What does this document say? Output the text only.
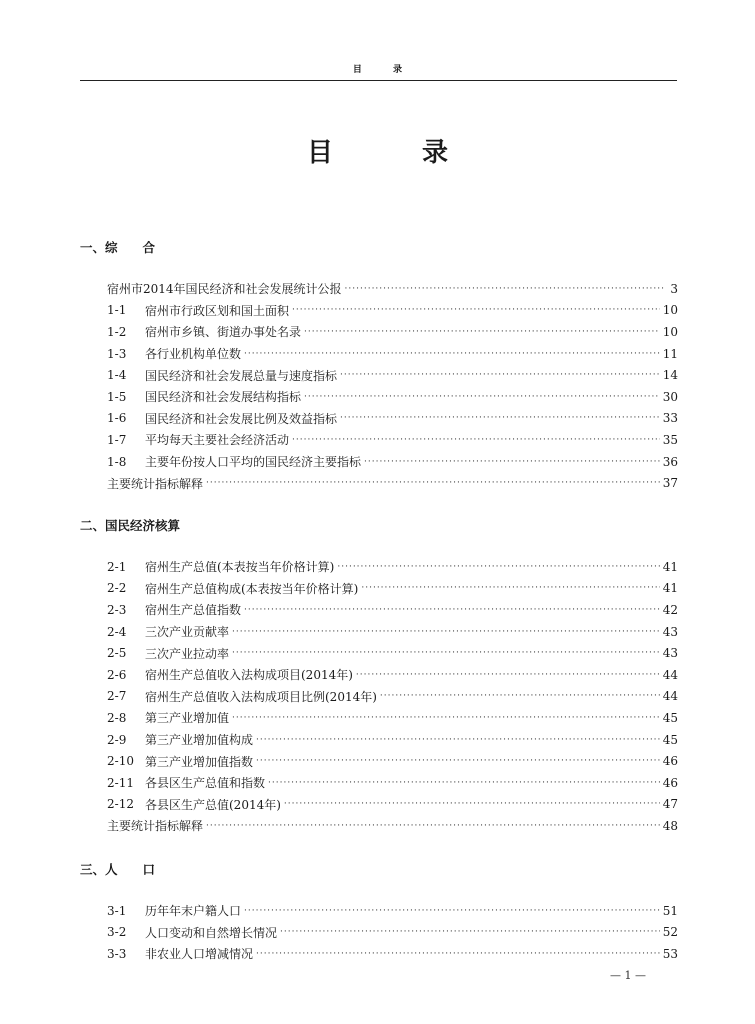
目 录
目 录
一、综　　合
宿州市2014年国民经济和社会发展统计公报 ·····	3
1-1	宿州市行政区划和国土面积 ·····	10
1-2	宿州市乡镇、街道办事处名录 ·····	10
1-3	各行业机构单位数 ·····	11
1-4	国民经济和社会发展总量与速度指标 ·····	14
1-5	国民经济和社会发展结构指标 ·····	30
1-6	国民经济和社会发展比例及效益指标 ·····	33
1-7	平均每天主要社会经济活动 ·····	35
1-8	主要年份按人口平均的国民经济主要指标 ·····	36
主要统计指标解释 ·····	37
二、国民经济核算
2-1	宿州生产总值(本表按当年价格计算) ·····	41
2-2	宿州生产总值构成(本表按当年价格计算) ·····	41
2-3	宿州生产总值指数 ·····	42
2-4	三次产业贡献率 ·····	43
2-5	三次产业拉动率 ·····	43
2-6	宿州生产总值收入法构成项目(2014年) ·····	44
2-7	宿州生产总值收入法构成项目比例(2014年) ·····	44
2-8	第三产业增加值 ·····	45
2-9	第三产业增加值构成 ·····	45
2-10 第三产业增加值指数 ·····	46
2-11 各县区生产总值和指数 ·····	46
2-12 各县区生产总值(2014年) ·····	47
主要统计指标解释 ·····	48
三、人　　口
3-1	历年年末户籍人口 ·····	51
3-2	人口变动和自然增长情况 ·····	52
3-3	非农业人口增减情况 ·····	53
— 1 —
